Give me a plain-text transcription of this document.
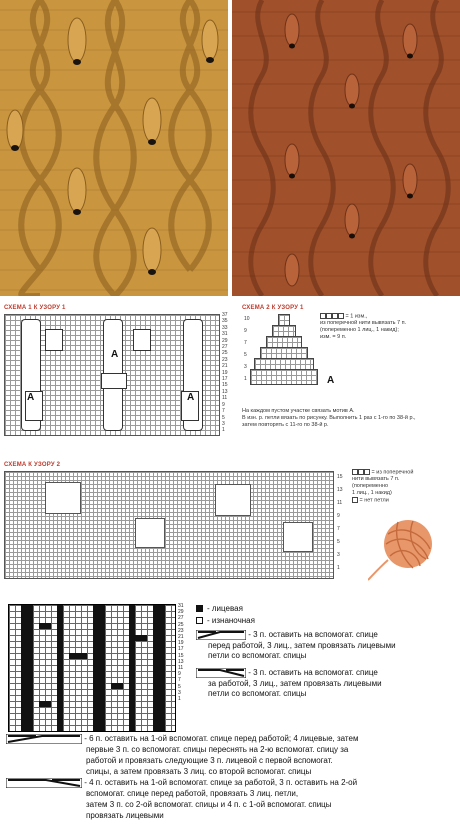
СХЕМА 1 К УЗОРУ 1
А
А	А
37
35
33
31
29
27
25
23
21
19
17
15
13
11
9
7
5
3
1
СХЕМА 2 К УЗОРУ 1
10
9
7
5
3
1	А
= 1 изм.,
из поперечной нити вывязать 7 п.
(попеременно 1 лиц., 1 накид);
изм. = 9 п.
На каждом пустом участке связать мотив А.
В изн. р. петли вязать по рисунку. Выполнить 1 раз с 1-го по 38-й р.,
затем повторять с 11-го по 38-й р.
СХЕМА К УЗОРУ 2
15
13
11
9
7
5
3
1
= из поперечной
нити вывязать 7 п.
(попеременно
1 лиц., 1 накид)
= нет петли
31
29
27
25
23
21
19
17
15
13
11
9
7
5
3
1
- лицевая
- изнаночная
- 3 п. оставить на вспомогат. спице
перед работой, 3 лиц., затем провязать лицевыми
петли со вспомогат. спицы
- 3 п. оставить на вспомогат. спице
за работой, 3 лиц., затем провязать лицевыми
петли со вспомогат. спицы
- 6 п. оставить на 1-ой вспомогат. спице перед работой; 4 лицевые, затем
первые 3 п. со вспомогат. спицы переснять на 2-ю вспомогат. спицу за
работой и провязать следующие 3 п. лицевой с первой вспомогат.
спицы, а затем провязать 3 лиц. со второй вспомогат. спицы
- 4 п. оставить на 1-ой вспомогат. спице за работой, 3 п. оставить на 2-ой
вспомогат. спице перед работой, провязать 3 лиц. петли,
затем 3 п. со 2-ой вспомогат. спицы и 4 п. с 1-ой вспомогат. спицы
провязать лицевыми
